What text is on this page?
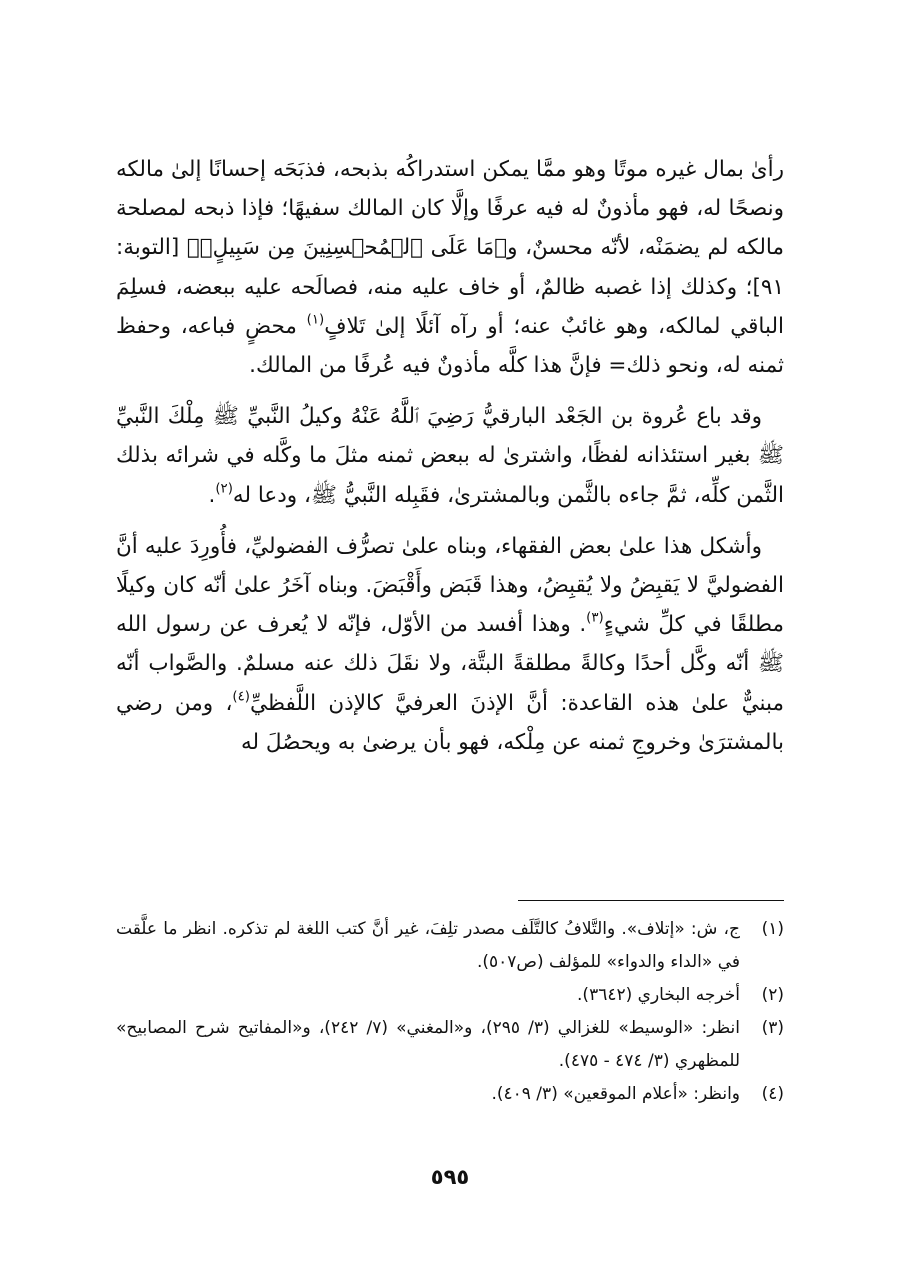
رأىٰ بمال غيره موتًا وهو ممَّا يمكن استدراكُه بذبحه، فذبَحَه إحسانًا إلىٰ مالكه ونصحًا له، فهو مأذونٌ له فيه عرفًا وإلَّا كان المالك سفيهًا؛ فإذا ذبحه لمصلحة مالكه لم يضمَنْه، لأنّه محسنٌ، و﴿مَا عَلَى ٱلۡمُحۡسِنِينَ مِن سَبِيلٍۚ﴾ [التوبة: ٩١]؛ وكذلك إذا غصبه ظالمٌ، أو خاف عليه منه، فصالَحه عليه ببعضه، فسلِمَ الباقي لمالكه، وهو غائبٌ عنه؛ أو رآه آئلًا إلىٰ تَلافٍ$^{(١)}$ محضٍ فباعه، وحفظ ثمنه له، ونحو ذلك= فإنَّ هذا كلَّه مأذونٌ فيه عُرفًا من المالك.

وقد باع عُروة بن الجَعْد البارقيُّ رَضِيَ ٱللَّهُ عَنْهُ وكيلُ النَّبيِّ ﷺ مِلْكَ النَّبيِّ ﷺ بغير استئذانه لفظًا، واشترىٰ له ببعض ثمنه مثلَ ما وكَّله في شرائه بذلك الثَّمن كلِّه، ثمَّ جاءه بالثَّمن وبالمشترىٰ، فقَبِله النَّبيُّ ﷺ، ودعا له$^{(٢)}$.

وأشكل هذا علىٰ بعض الفقهاء، وبناه علىٰ تصرُّف الفضوليِّ، فأُورِدَ عليه أنَّ الفضوليَّ لا يَقبِضُ ولا يُقبِضُ، وهذا قَبَض وأَقْبَضَ. وبناه آخَرُ علىٰ أنّه كان وكيلًا مطلقًا في كلِّ شيءٍ$^{(٣)}$. وهذا أفسد من الأوّل، فإنّه لا يُعرف عن رسول الله ﷺ أنّه وكَّل أحدًا وكالةً مطلقةً البتَّة، ولا نقَلَ ذلك عنه مسلمٌ. والصَّواب أنّه مبنيٌّ علىٰ هذه القاعدة: أنَّ الإذنَ العرفيَّ كالإذن اللَّفظيِّ$^{(٤)}$، ومن رضي بالمشترَىٰ وخروجِ ثمنه عن مِلْكه، فهو بأن يرضىٰ به ويحصُلَ له

(١)
ج، ش: «إتلاف». والتَّلافُ كالتَّلَف مصدر تلِفَ، غير أنَّ كتب اللغة لم تذكره. انظر ما علَّقت في «الداء والدواء» للمؤلف (ص٥٠٧).
(٢)
أخرجه البخاري (٣٦٤٢).
(٣)
انظر: «الوسيط» للغزالي (٣/ ٢٩٥)، و«المغني» (٧/ ٢٤٢)، و«المفاتيح شرح المصابيح» للمظهري (٣/ ٤٧٤ - ٤٧٥).
(٤)
وانظر: «أعلام الموقعين» (٣/ ٤٠٩).
٥٩٥
